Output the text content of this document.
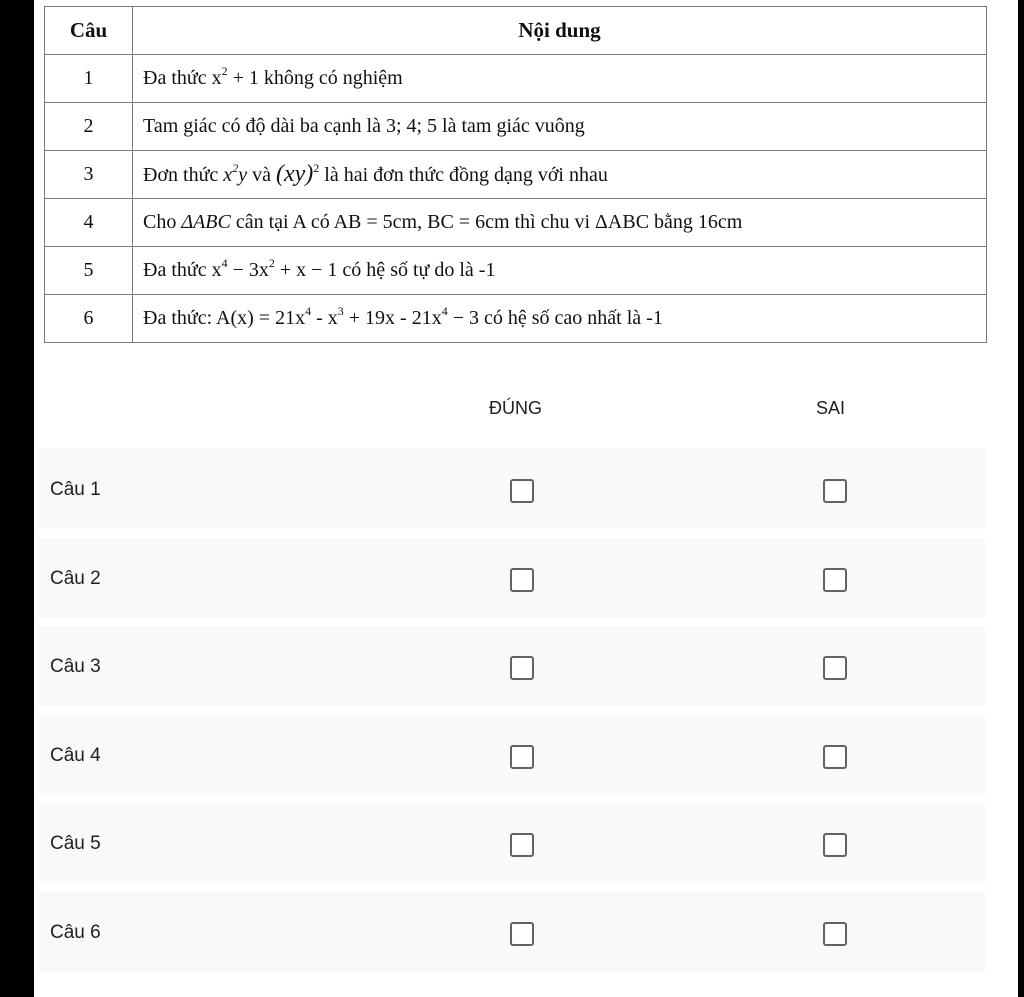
Câu	Nội dung
1	Đa thức $x^2 + 1$ không có nghiệm
2	Tam giác có độ dài ba cạnh là 3; 4; 5 là tam giác vuông
3	Đơn thức $x^2y$ và (xy)$^2$ là hai đơn thức đồng dạng với nhau
4	Cho ΔABC cân tại A có AB = 5cm, BC = 6cm thì chu vi ΔABC bằng 16cm
5	Đa thức $x^4 - 3x^2 + x - 1$ có hệ số tự do là -1
6	Đa thức: $A(x) = 21x^4 - x^3 + 19x - 21x^4 - 3$ có hệ số cao nhất là -1
ĐÚNG	SAI
Câu 1
Câu 2
Câu 3
Câu 4
Câu 5
Câu 6
